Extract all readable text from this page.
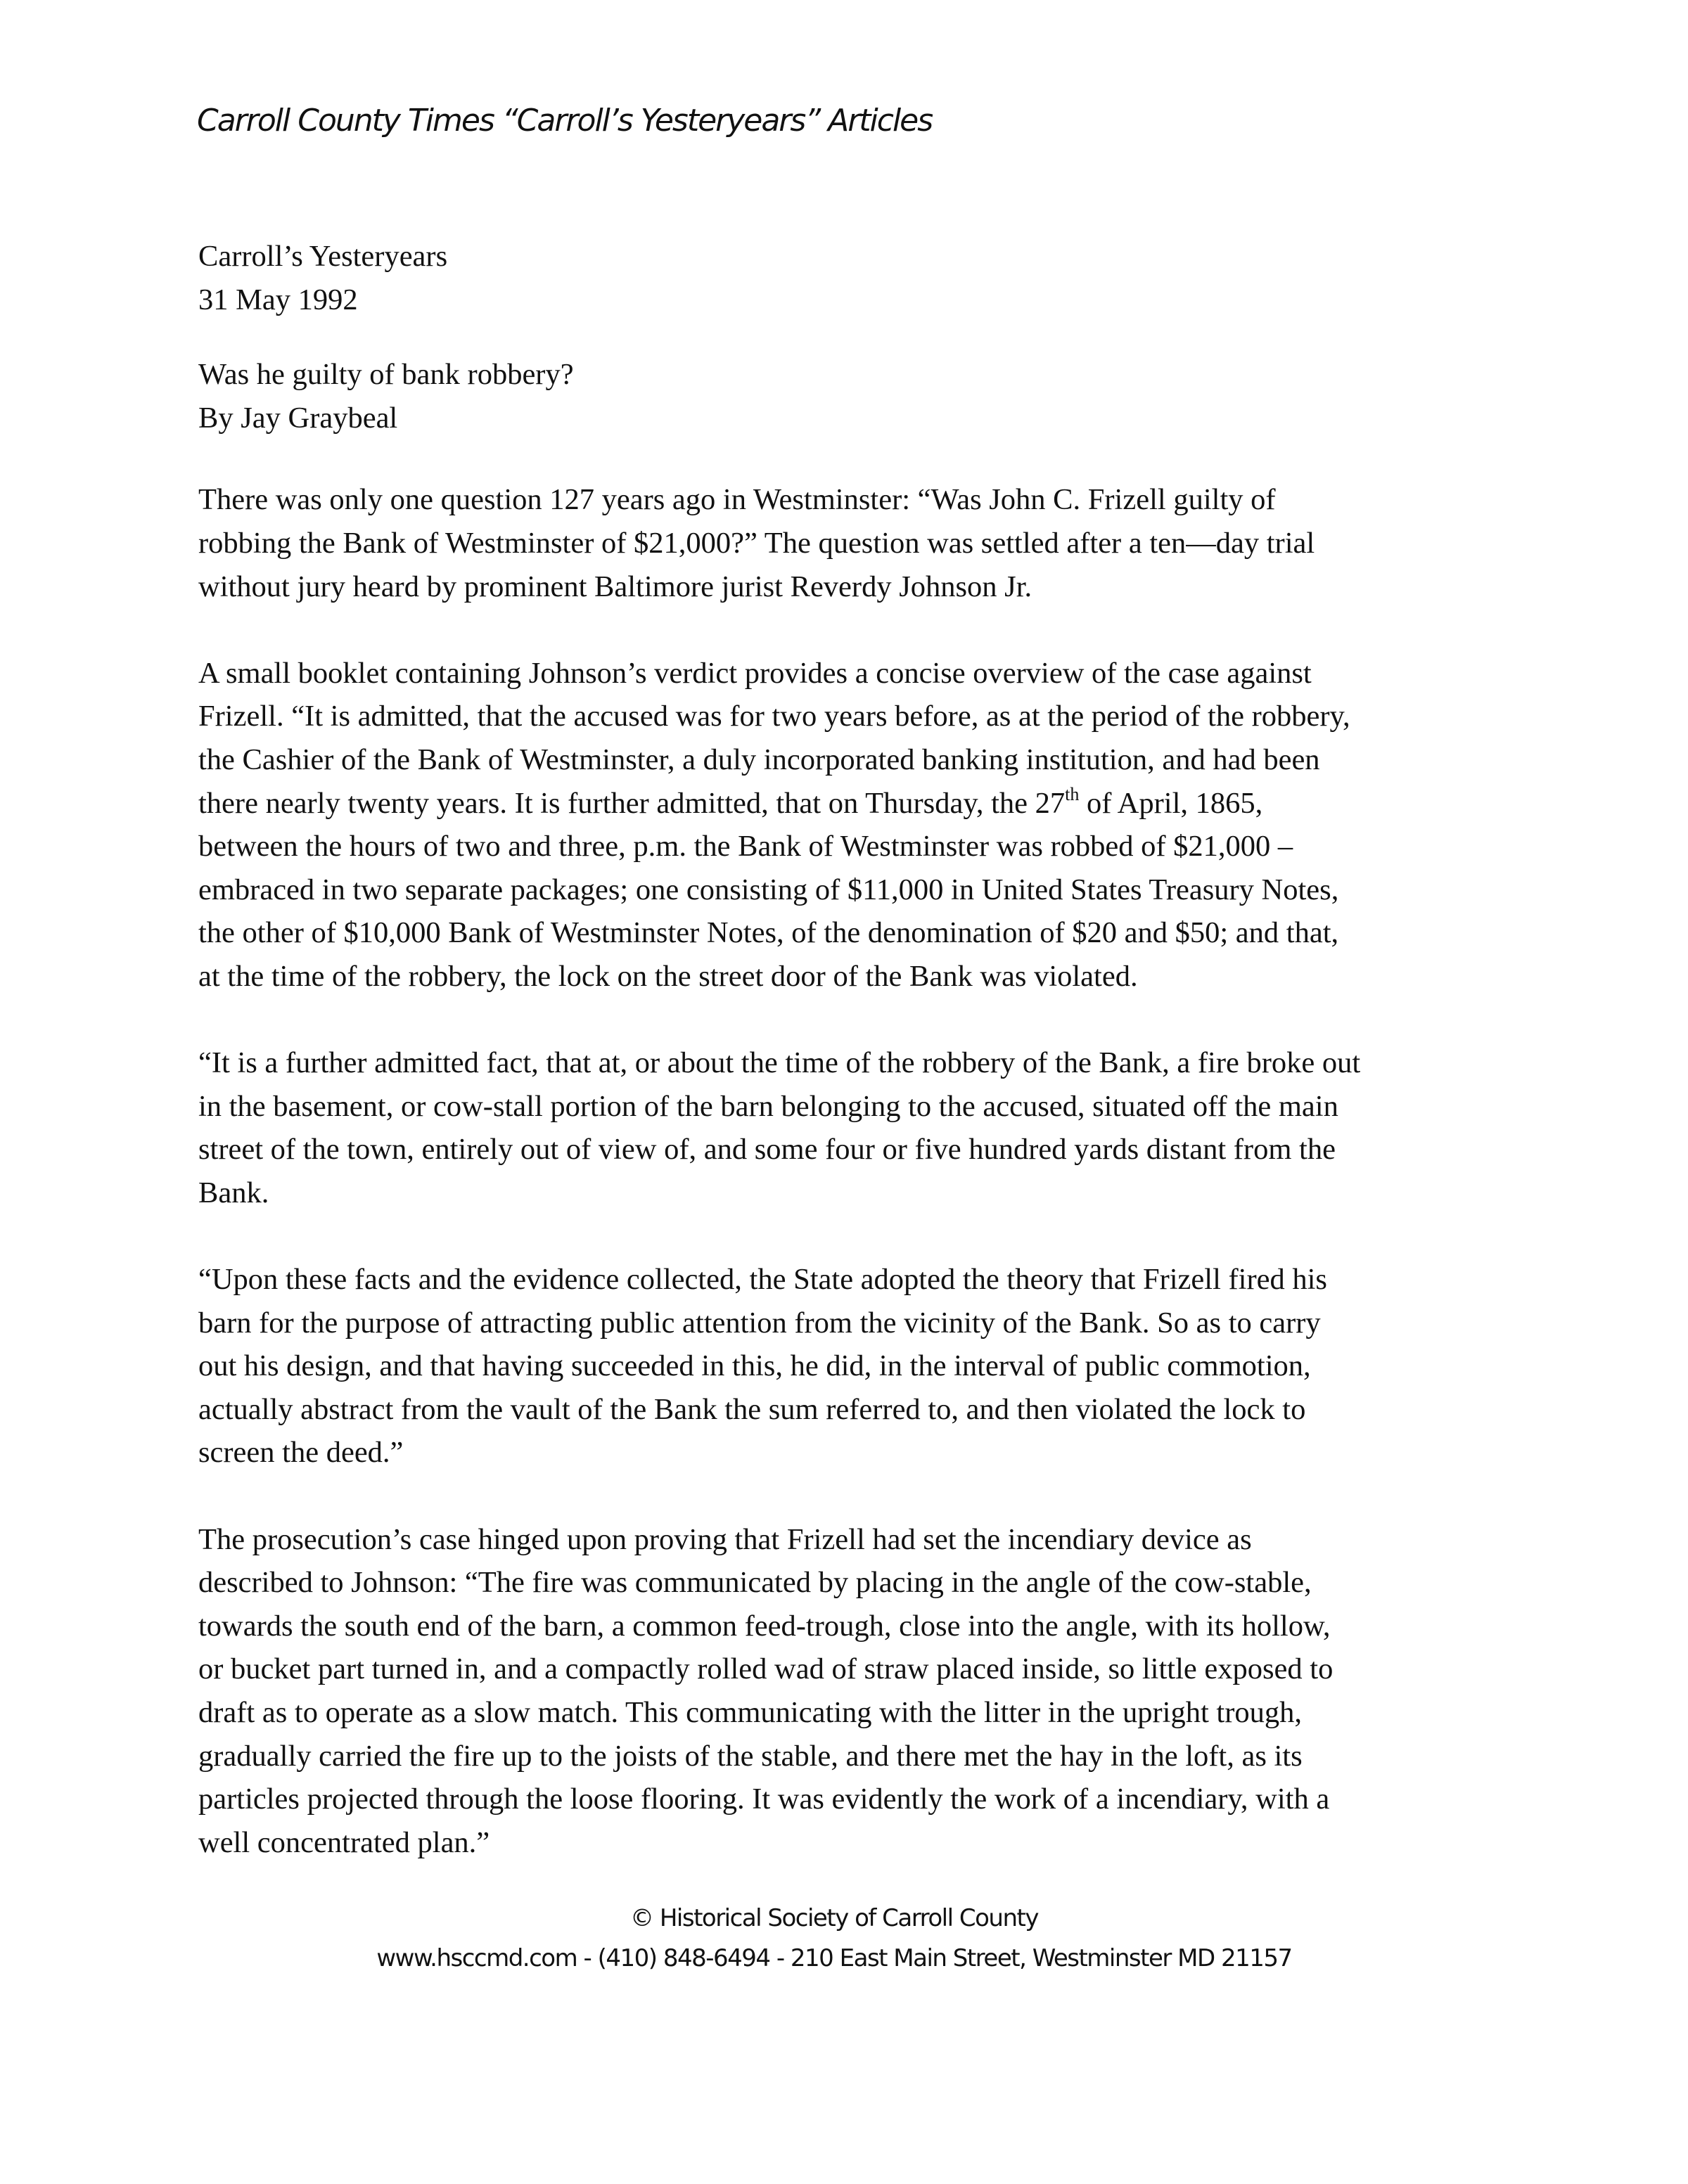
Carroll County Times “Carroll’s Yesteryears” Articles
Carroll’s Yesteryears
31 May 1992
Was he guilty of bank robbery?
By Jay Graybeal
There was only one question 127 years ago in Westminster: “Was John C. Frizell guilty of
robbing the Bank of Westminster of $21,000?” The question was settled after a ten—day trial
without jury heard by prominent Baltimore jurist Reverdy Johnson Jr.
A small booklet containing Johnson’s verdict provides a concise overview of the case against
Frizell. “It is admitted, that the accused was for two years before, as at the period of the robbery,
the Cashier of the Bank of Westminster, a duly incorporated banking institution, and had been
there nearly twenty years. It is further admitted, that on Thursday, the 27th of April, 1865,
between the hours of two and three, p.m. the Bank of Westminster was robbed of $21,000 –
embraced in two separate packages; one consisting of $11,000 in United States Treasury Notes,
the other of $10,000 Bank of Westminster Notes, of the denomination of $20 and $50; and that,
at the time of the robbery, the lock on the street door of the Bank was violated.
“It is a further admitted fact, that at, or about the time of the robbery of the Bank, a fire broke out
in the basement, or cow-stall portion of the barn belonging to the accused, situated off the main
street of the town, entirely out of view of, and some four or five hundred yards distant from the
Bank.
“Upon these facts and the evidence collected, the State adopted the theory that Frizell fired his
barn for the purpose of attracting public attention from the vicinity of the Bank. So as to carry
out his design, and that having succeeded in this, he did, in the interval of public commotion,
actually abstract from the vault of the Bank the sum referred to, and then violated the lock to
screen the deed.”
The prosecution’s case hinged upon proving that Frizell had set the incendiary device as
described to Johnson: “The fire was communicated by placing in the angle of the cow-stable,
towards the south end of the barn, a common feed-trough, close into the angle, with its hollow,
or bucket part turned in, and a compactly rolled wad of straw placed inside, so little exposed to
draft as to operate as a slow match. This communicating with the litter in the upright trough,
gradually carried the fire up to the joists of the stable, and there met the hay in the loft, as its
particles projected through the loose flooring. It was evidently the work of a incendiary, with a
well concentrated plan.”
© Historical Society of Carroll County
www.hsccmd.com - (410) 848-6494 - 210 East Main Street, Westminster MD 21157
